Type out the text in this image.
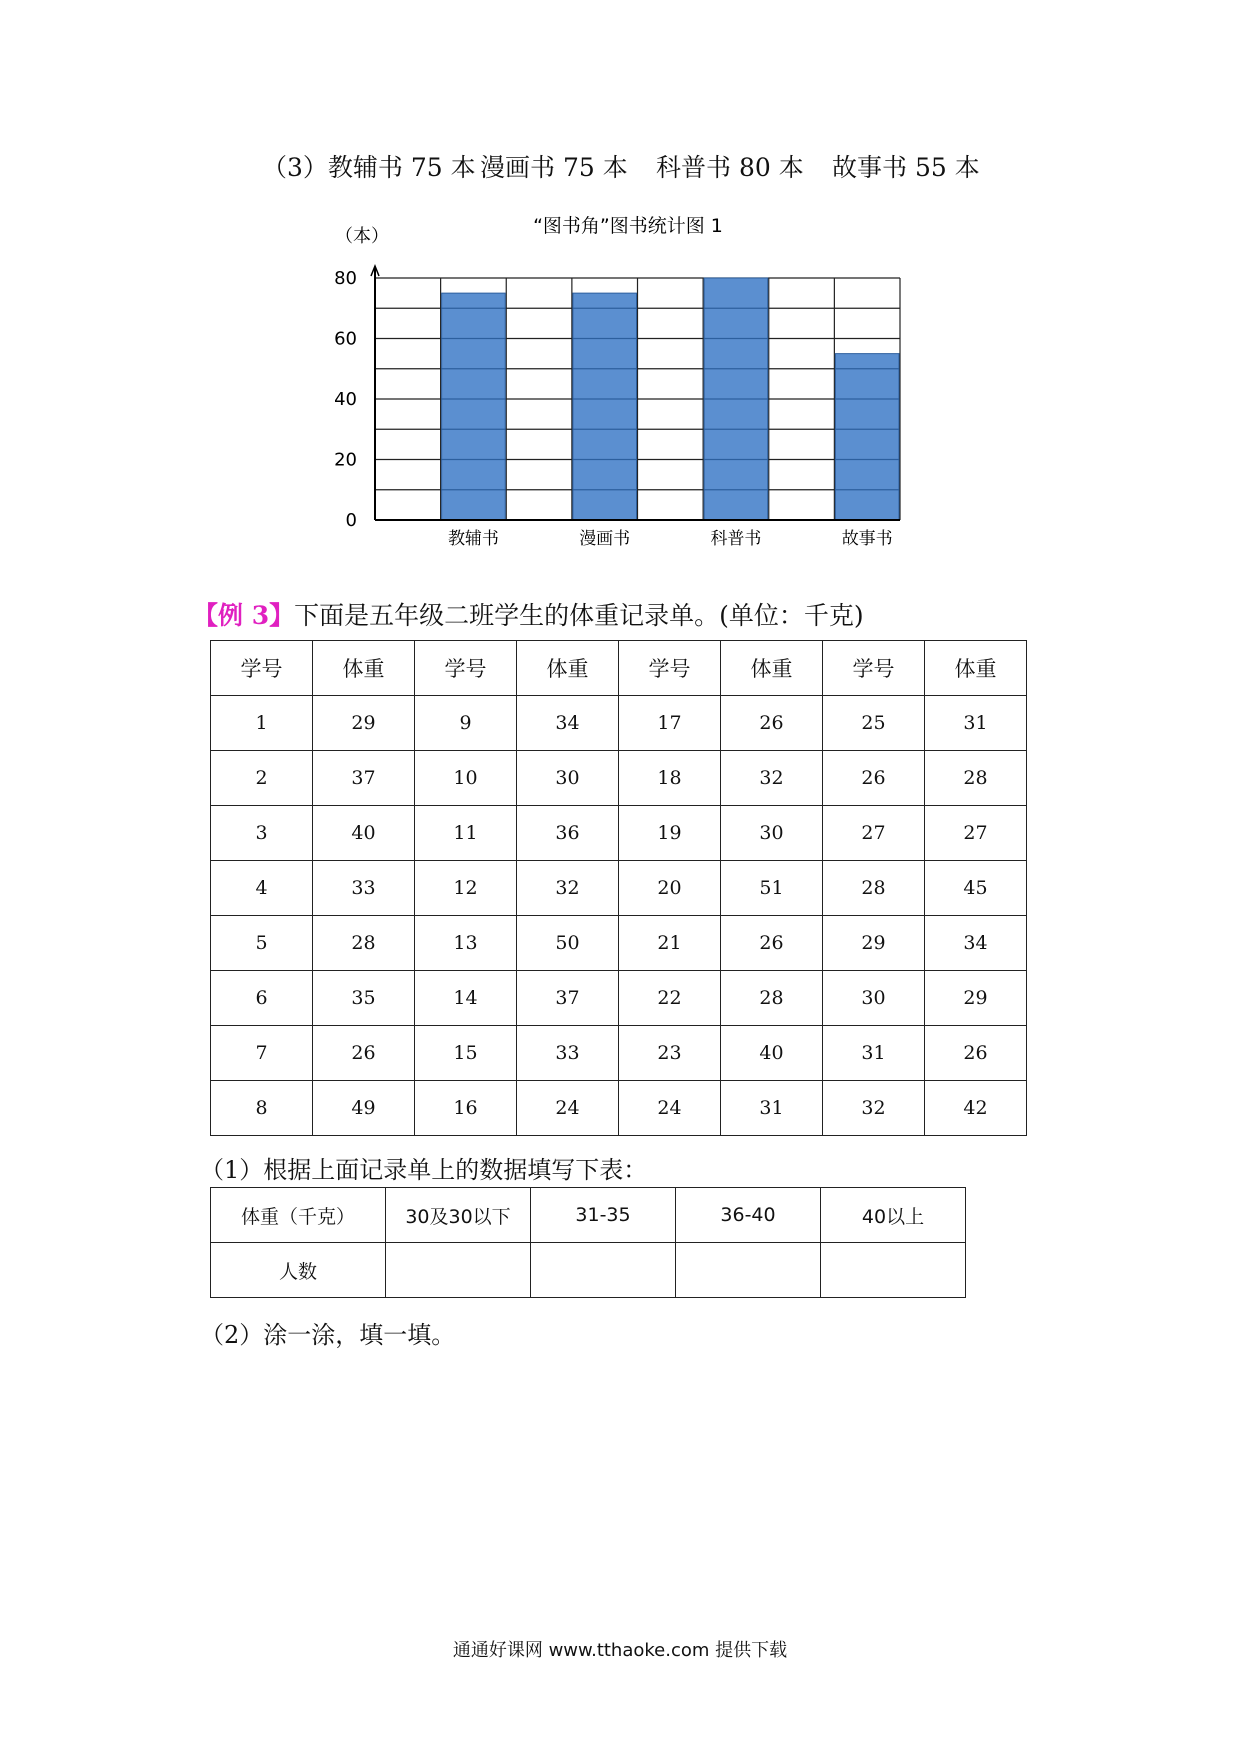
（3）教辅书 75 本 漫画书 75 本	科普书 80 本	故事书 55 本
“图书角”图书统计图 1
（本）
0
20
40
60
80
教辅书	漫画书	科普书	故事书
【例 3】下面是五年级二班学生的体重记录单。(单位：千克)
学号	体重	学号	体重	学号	体重	学号	体重
1	29	9	34	17	26	25	31
2	37	10	30	18	32	26	28
3	40	11	36	19	30	27	27
4	33	12	32	20	51	28	45
5	28	13	50	21	26	29	34
6	35	14	37	22	28	30	29
7	26	15	33	23	40	31	26
8	49	16	24	24	31	32	42
（1）根据上面记录单上的数据填写下表：
体重（千克）	30及30以下	31-35	36-40	40以上
人数				
（2）涂一涂，填一填。
通通好课网 www.tthaoke.com 提供下载
